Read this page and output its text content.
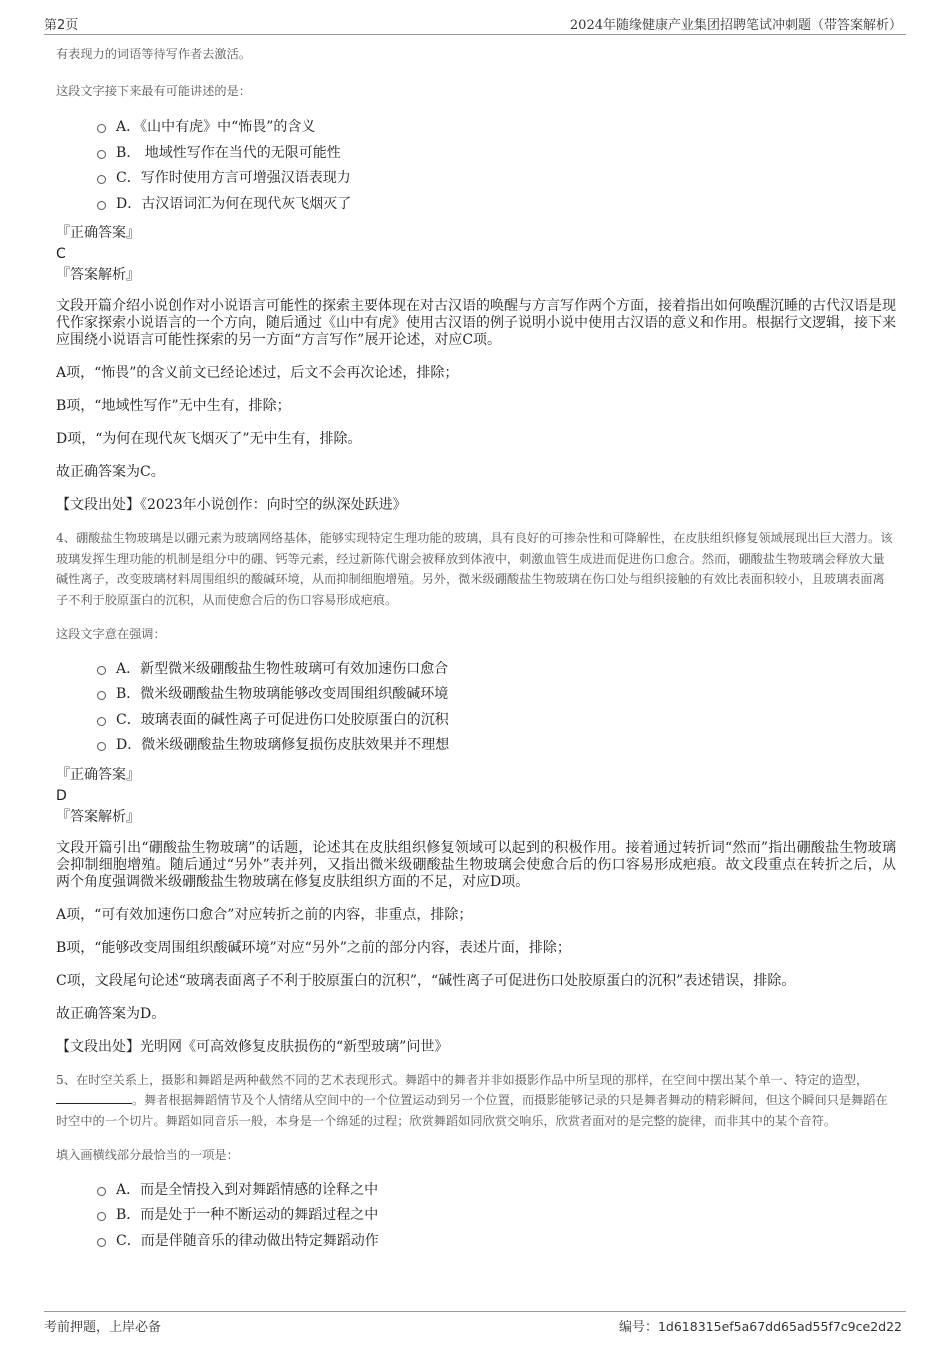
第2页	2024年随缘健康产业集团招聘笔试冲刺题（带答案解析）

有表现力的词语等待写作者去激活。

这段文字接下来最有可能讲述的是：

A．《山中有虎》中“怖畏”的含义
B.　地域性写作在当代的无限可能性
C．写作时使用方言可增强汉语表现力
D．古汉语词汇为何在现代灰飞烟灭了

『正确答案』

C

『答案解析』

文段开篇介绍小说创作对小说语言可能性的探索主要体现在对古汉语的唤醒与方言写作两个方面，接着指出如何唤醒沉睡的古代汉语是现代作家探索小说语言的一个方向，随后通过《山中有虎》使用古汉语的例子说明小说中使用古汉语的意义和作用。根据行文逻辑，接下来应围绕小说语言可能性探索的另一方面“方言写作”展开论述，对应C项。

A项，“怖畏”的含义前文已经论述过，后文不会再次论述，排除；

B项，“地域性写作”无中生有，排除；

D项，“为何在现代灰飞烟灭了”无中生有，排除。

故正确答案为C。

【文段出处】《2023年小说创作：向时空的纵深处跃进》

4、硼酸盐生物玻璃是以硼元素为玻璃网络基体，能够实现特定生理功能的玻璃，具有良好的可掺杂性和可降解性，在皮肤组织修复领域展现出巨大潜力。该玻璃发挥生理功能的机制是组分中的硼、钙等元素，经过新陈代谢会被释放到体液中，刺激血管生成进而促进伤口愈合。然而，硼酸盐生物玻璃会释放大量碱性离子，改变玻璃材料周围组织的酸碱环境，从而抑制细胞增殖。另外，微米级硼酸盐生物玻璃在伤口处与组织接触的有效比表面积较小，且玻璃表面离子不利于胶原蛋白的沉积，从而使愈合后的伤口容易形成疤痕。

这段文字意在强调：

A．新型微米级硼酸盐生物性玻璃可有效加速伤口愈合
B．微米级硼酸盐生物玻璃能够改变周围组织酸碱环境
C．玻璃表面的碱性离子可促进伤口处胶原蛋白的沉积
D．微米级硼酸盐生物玻璃修复损伤皮肤效果并不理想

『正确答案』

D

『答案解析』

文段开篇引出“硼酸盐生物玻璃”的话题，论述其在皮肤组织修复领域可以起到的积极作用。接着通过转折词“然而”指出硼酸盐生物玻璃会抑制细胞增殖。随后通过“另外”表并列，又指出微米级硼酸盐生物玻璃会使愈合后的伤口容易形成疤痕。故文段重点在转折之后，从两个角度强调微米级硼酸盐生物玻璃在修复皮肤组织方面的不足，对应D项。

A项，“可有效加速伤口愈合”对应转折之前的内容，非重点，排除；

B项，“能够改变周围组织酸碱环境”对应“另外”之前的部分内容，表述片面，排除；

C项，文段尾句论述“玻璃表面离子不利于胶原蛋白的沉积”，“碱性离子可促进伤口处胶原蛋白的沉积”表述错误，排除。

故正确答案为D。

【文段出处】光明网《可高效修复皮肤损伤的“新型玻璃”问世》

5、在时空关系上，摄影和舞蹈是两种截然不同的艺术表现形式。舞蹈中的舞者并非如摄影作品中所呈现的那样，在空间中摆出某个单一、特定的造型，。舞者根据舞蹈情节及个人情绪从空间中的一个位置运动到另一个位置，而摄影能够记录的只是舞者舞动的精彩瞬间，但这个瞬间只是舞蹈在时空中的一个切片。舞蹈如同音乐一般，本身是一个绵延的过程；欣赏舞蹈如同欣赏交响乐，欣赏者面对的是完整的旋律，而非其中的某个音符。

填入画横线部分最恰当的一项是：

A．而是全情投入到对舞蹈情感的诠释之中
B．而是处于一种不断运动的舞蹈过程之中
C．而是伴随音乐的律动做出特定舞蹈动作
考前押题，上岸必备	编号：1d618315ef5a67dd65ad55f7c9ce2d22
